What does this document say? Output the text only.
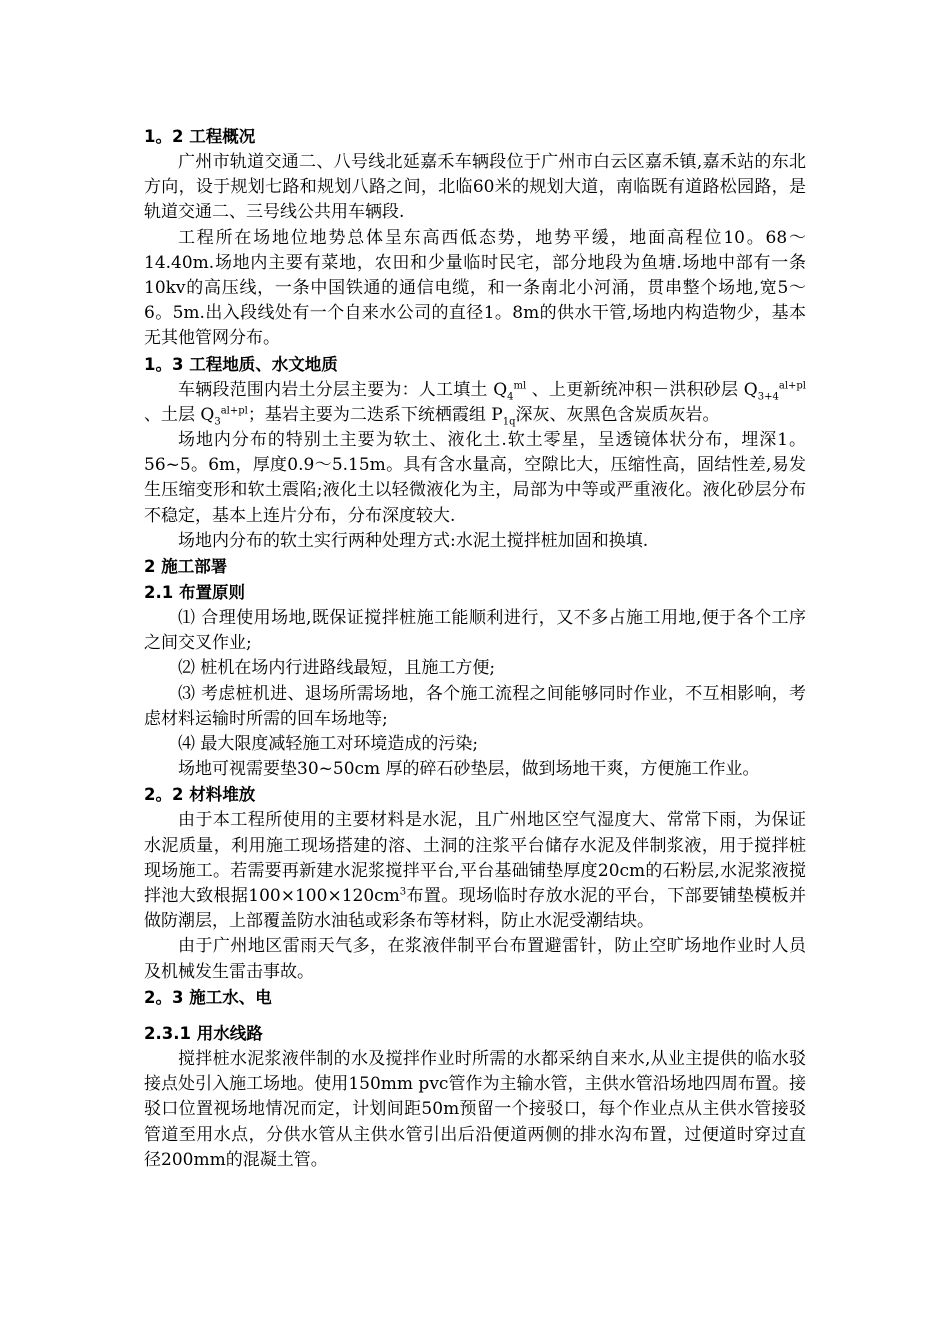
1。2 工程概况

广州市轨道交通二、八号线北延嘉禾车辆段位于广州市白云区嘉禾镇,嘉禾站的东北方向，设于规划七路和规划八路之间，北临60米的规划大道，南临既有道路松园路，是轨道交通二、三号线公共用车辆段.

工程所在场地位地势总体呈东高西低态势，地势平缓，地面高程位10。68～14.40m.场地内主要有菜地，农田和少量临时民宅，部分地段为鱼塘.场地中部有一条10kv的高压线，一条中国铁通的通信电缆，和一条南北小河涌，贯串整个场地,宽5～6。5m.出入段线处有一个自来水公司的直径1。8m的供水干管,场地内构造物少，基本无其他管网分布。

1。3 工程地质、水文地质

车辆段范围内岩土分层主要为：人工填土 $Q_4^{ml}$ 、上更新统冲积－洪积砂层 $Q_{3+4}^{al+pl}$ 、土层 $Q_3^{al+pl}$；基岩主要为二迭系下统栖霞组 $P_{1q}$深灰、灰黑色含炭质灰岩。

场地内分布的特别土主要为软土、液化土.软土零星，呈透镜体状分布，埋深1。56~5。6m，厚度0.9～5.15m。具有含水量高，空隙比大，压缩性高，固结性差,易发生压缩变形和软土震陷;液化土以轻微液化为主，局部为中等或严重液化。液化砂层分布不稳定，基本上连片分布，分布深度较大.

场地内分布的软土实行两种处理方式:水泥土搅拌桩加固和换填.

2 施工部署
2.1 布置原则

⑴ 合理使用场地,既保证搅拌桩施工能顺利进行，又不多占施工用地,便于各个工序之间交叉作业;

⑵ 桩机在场内行进路线最短，且施工方便;

⑶ 考虑桩机进、退场所需场地，各个施工流程之间能够同时作业，不互相影响，考虑材料运输时所需的回车场地等;

⑷ 最大限度减轻施工对环境造成的污染;

场地可视需要垫30~50cm 厚的碎石砂垫层，做到场地干爽，方便施工作业。

2。2 材料堆放

由于本工程所使用的主要材料是水泥，且广州地区空气湿度大、常常下雨，为保证水泥质量，利用施工现场搭建的溶、土洞的注浆平台储存水泥及伴制浆液，用于搅拌桩现场施工。若需要再新建水泥浆搅拌平台,平台基础铺垫厚度20cm的石粉层,水泥浆液搅拌池大致根据$100\times 100\times 120cm^3$布置。现场临时存放水泥的平台，下部要铺垫模板并做防潮层，上部覆盖防水油毡或彩条布等材料，防止水泥受潮结块。

由于广州地区雷雨天气多，在浆液伴制平台布置避雷针，防止空旷场地作业时人员及机械发生雷击事故。

2。3 施工水、电
2.3.1 用水线路

搅拌桩水泥浆液伴制的水及搅拌作业时所需的水都采纳自来水,从业主提供的临水驳接点处引入施工场地。使用150mm pvc管作为主输水管，主供水管沿场地四周布置。接驳口位置视场地情况而定，计划间距50m预留一个接驳口，每个作业点从主供水管接驳管道至用水点，分供水管从主供水管引出后沿便道两侧的排水沟布置，过便道时穿过直径200mm的混凝土管。
